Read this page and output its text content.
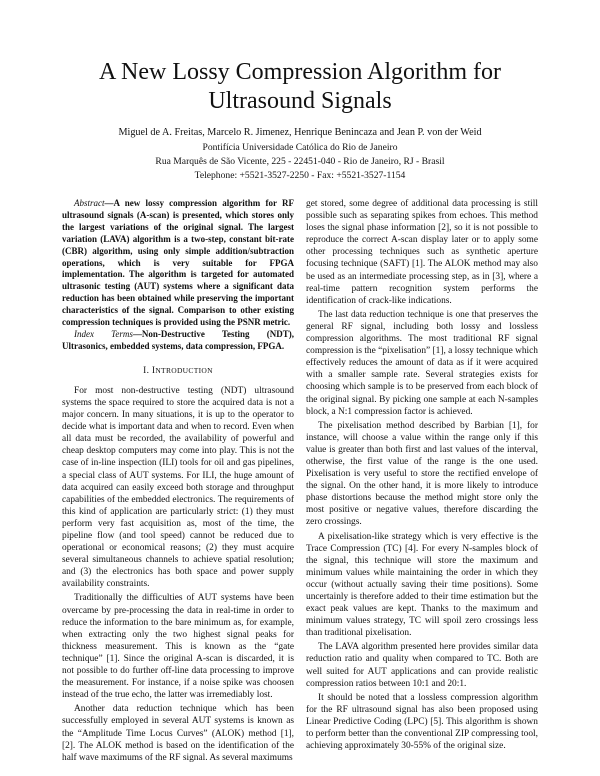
A New Lossy Compression Algorithm for
Ultrasound Signals
Miguel de A. Freitas, Marcelo R. Jimenez, Henrique Benincaza and Jean P. von der Weid
Pontifícia Universidade Católica do Rio de Janeiro
Rua Marquês de São Vicente, 225 - 22451-040 - Rio de Janeiro, RJ - Brasil
Telephone: +5521-3527-2250 - Fax: +5521-3527-1154

Abstract—A new lossy compression algorithm for RF ultrasound signals (A-scan) is presented, which stores only the largest variations of the original signal. The largest variation (LAVA) algorithm is a two-step, constant bit-rate (CBR) algorithm, using only simple addition/subtraction operations, which is very suitable for FPGA implementation. The algorithm is targeted for automated ultrasonic testing (AUT) systems where a significant data reduction has been obtained while preserving the important characteristics of the signal. Comparison to other existing compression techniques is provided using the PSNR metric.

Index Terms—Non-Destructive Testing (NDT), Ultrasonics, embedded systems, data compression, FPGA.

I. INTRODUCTION

For most non-destructive testing (NDT) ultrasound systems the space required to store the acquired data is not a major concern. In many situations, it is up to the operator to decide what is important data and when to record. Even when all data must be recorded, the availability of powerful and cheap desktop computers may come into play. This is not the case of in-line inspection (ILI) tools for oil and gas pipelines, a special class of AUT systems. For ILI, the huge amount of data acquired can easily exceed both storage and throughput capabilities of the embedded electronics. The requirements of this kind of application are particularly strict: (1) they must perform very fast acquisition as, most of the time, the pipeline flow (and tool speed) cannot be reduced due to operational or economical reasons; (2) they must acquire several simultaneous channels to achieve spatial resolution; and (3) the electronics has both space and power supply availability constraints.

Traditionally the difficulties of AUT systems have been overcame by pre-processing the data in real-time in order to reduce the information to the bare minimum as, for example, when extracting only the two highest signal peaks for thickness measurement. This is known as the “gate technique” [1]. Since the original A-scan is discarded, it is not possible to do further off-line data processing to improve the measurement. For instance, if a noise spike was choosen instead of the true echo, the latter was irremediably lost.

Another data reduction technique which has been successfully employed in several AUT systems is known as the “Amplitude Time Locus Curves” (ALOK) method [1], [2]. The ALOK method is based on the identification of the half wave maximums of the RF signal. As several maximums

get stored, some degree of additional data processing is still possible such as separating spikes from echoes. This method loses the signal phase information [2], so it is not possible to reproduce the correct A-scan display later or to apply some other processing techniques such as synthetic aperture focusing technique (SAFT) [1]. The ALOK method may also be used as an intermediate processing step, as in [3], where a real-time pattern recognition system performs the identification of crack-like indications.

The last data reduction technique is one that preserves the general RF signal, including both lossy and lossless compression algorithms. The most traditional RF signal compression is the “pixelisation” [1], a lossy technique which effectively reduces the amount of data as if it were acquired with a smaller sample rate. Several strategies exists for choosing which sample is to be preserved from each block of the original signal. By picking one sample at each N-samples block, a N:1 compression factor is achieved.

The pixelisation method described by Barbian [1], for instance, will choose a value within the range only if this value is greater than both first and last values of the interval, otherwise, the first value of the range is the one used. Pixelisation is very useful to store the rectified envelope of the signal. On the other hand, it is more likely to introduce phase distortions because the method might store only the most positive or negative values, therefore discarding the zero crossings.

A pixelisation-like strategy which is very effective is the Trace Compression (TC) [4]. For every N-samples block of the signal, this technique will store the maximum and minimum values while maintaining the order in which they occur (without actually saving their time positions). Some uncertainly is therefore added to their time estimation but the exact peak values are kept. Thanks to the maximum and minimum values strategy, TC will spoil zero crossings less than traditional pixelisation.

The LAVA algorithm presented here provides similar data reduction ratio and quality when compared to TC. Both are well suited for AUT applications and can provide realistic compression ratios between 10:1 and 20:1.

It should be noted that a lossless compression algorithm for the RF ultrasound signal has also been proposed using Linear Predictive Coding (LPC) [5]. This algorithm is shown to perform better than the conventional ZIP compressing tool, achieving approximately 30-55% of the original size.
